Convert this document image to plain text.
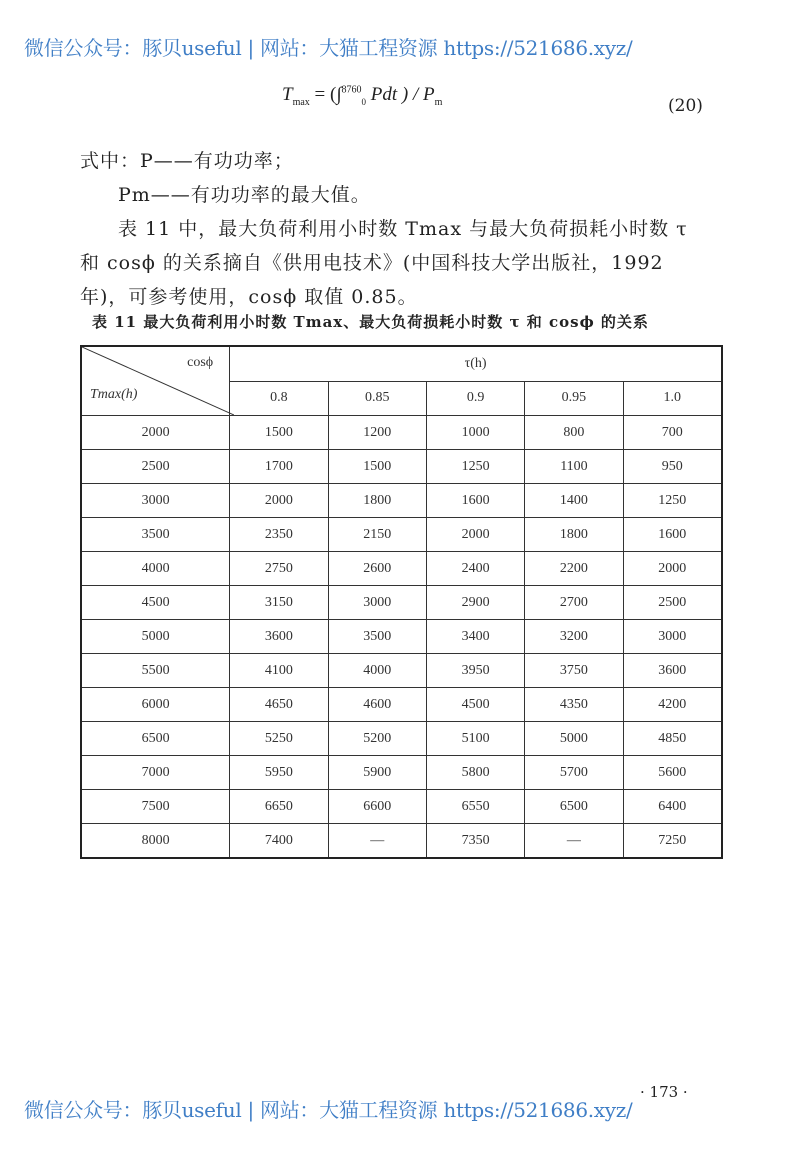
微信公众号：豚贝useful | 网站：大猫工程资源 https://521686.xyz/
$T_{max} = (\int^{8760}_0$ Pdt ) / $P_m$	(20)
式中：P——有功功率；
Pm——有功功率的最大值。
表 11 中，最大负荷利用小时数 Tmax 与最大负荷损耗小时数 τ
和 cosϕ 的关系摘自《供用电技术》(中国科技大学出版社，1992
年)，可参考使用，cosϕ 取值 0.85。
表 11 最大负荷利用小时数 Tmax、最大负荷损耗小时数 τ 和 cosϕ 的关系
cosϕ
Tmax(h)	τ(h)				
	0.8	0.85	0.9	0.95	1.0
2000	1500	1200	1000	800	700
2500	1700	1500	1250	1100	950
3000	2000	1800	1600	1400	1250
3500	2350	2150	2000	1800	1600
4000	2750	2600	2400	2200	2000
4500	3150	3000	2900	2700	2500
5000	3600	3500	3400	3200	3000
5500	4100	4000	3950	3750	3600
6000	4650	4600	4500	4350	4200
6500	5250	5200	5100	5000	4850
7000	5950	5900	5800	5700	5600
7500	6650	6600	6550	6500	6400
8000	7400	—	7350	—	7250
· 173 ·
微信公众号：豚贝useful | 网站：大猫工程资源 https://521686.xyz/
